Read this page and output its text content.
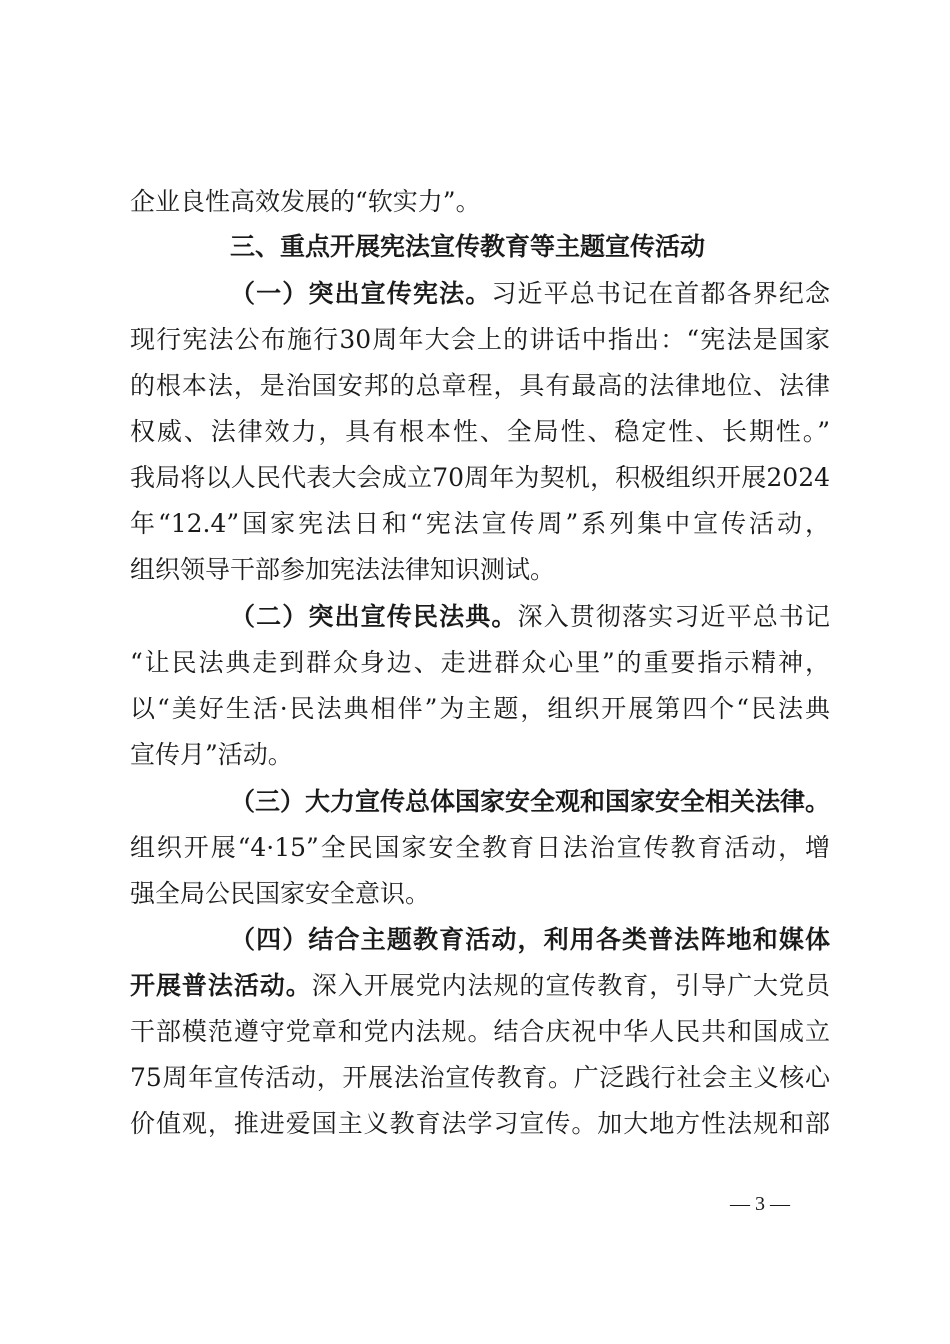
企业良性高效发展的“软实力”。
三、重点开展宪法宣传教育等主题宣传活动
（一）突出宣传宪法。习近平总书记在首都各界纪念
现行宪法公布施行30周年大会上的讲话中指出：“宪法是国家
的根本法，是治国安邦的总章程，具有最高的法律地位、法律
权威、法律效力，具有根本性、全局性、稳定性、长期性。”
我局将以人民代表大会成立70周年为契机，积极组织开展2024
年“12.4”国家宪法日和“宪法宣传周”系列集中宣传活动，
组织领导干部参加宪法法律知识测试。
（二）突出宣传民法典。深入贯彻落实习近平总书记
“让民法典走到群众身边、走进群众心里”的重要指示精神，
以“美好生活·民法典相伴”为主题，组织开展第四个“民法典
宣传月”活动。
（三）大力宣传总体国家安全观和国家安全相关法律。
组织开展“4·15”全民国家安全教育日法治宣传教育活动，增
强全局公民国家安全意识。
（四）结合主题教育活动，利用各类普法阵地和媒体
开展普法活动。深入开展党内法规的宣传教育，引导广大党员
干部模范遵守党章和党内法规。结合庆祝中华人民共和国成立
75周年宣传活动，开展法治宣传教育。广泛践行社会主义核心
价值观，推进爱国主义教育法学习宣传。加大地方性法规和部
— 3 —
